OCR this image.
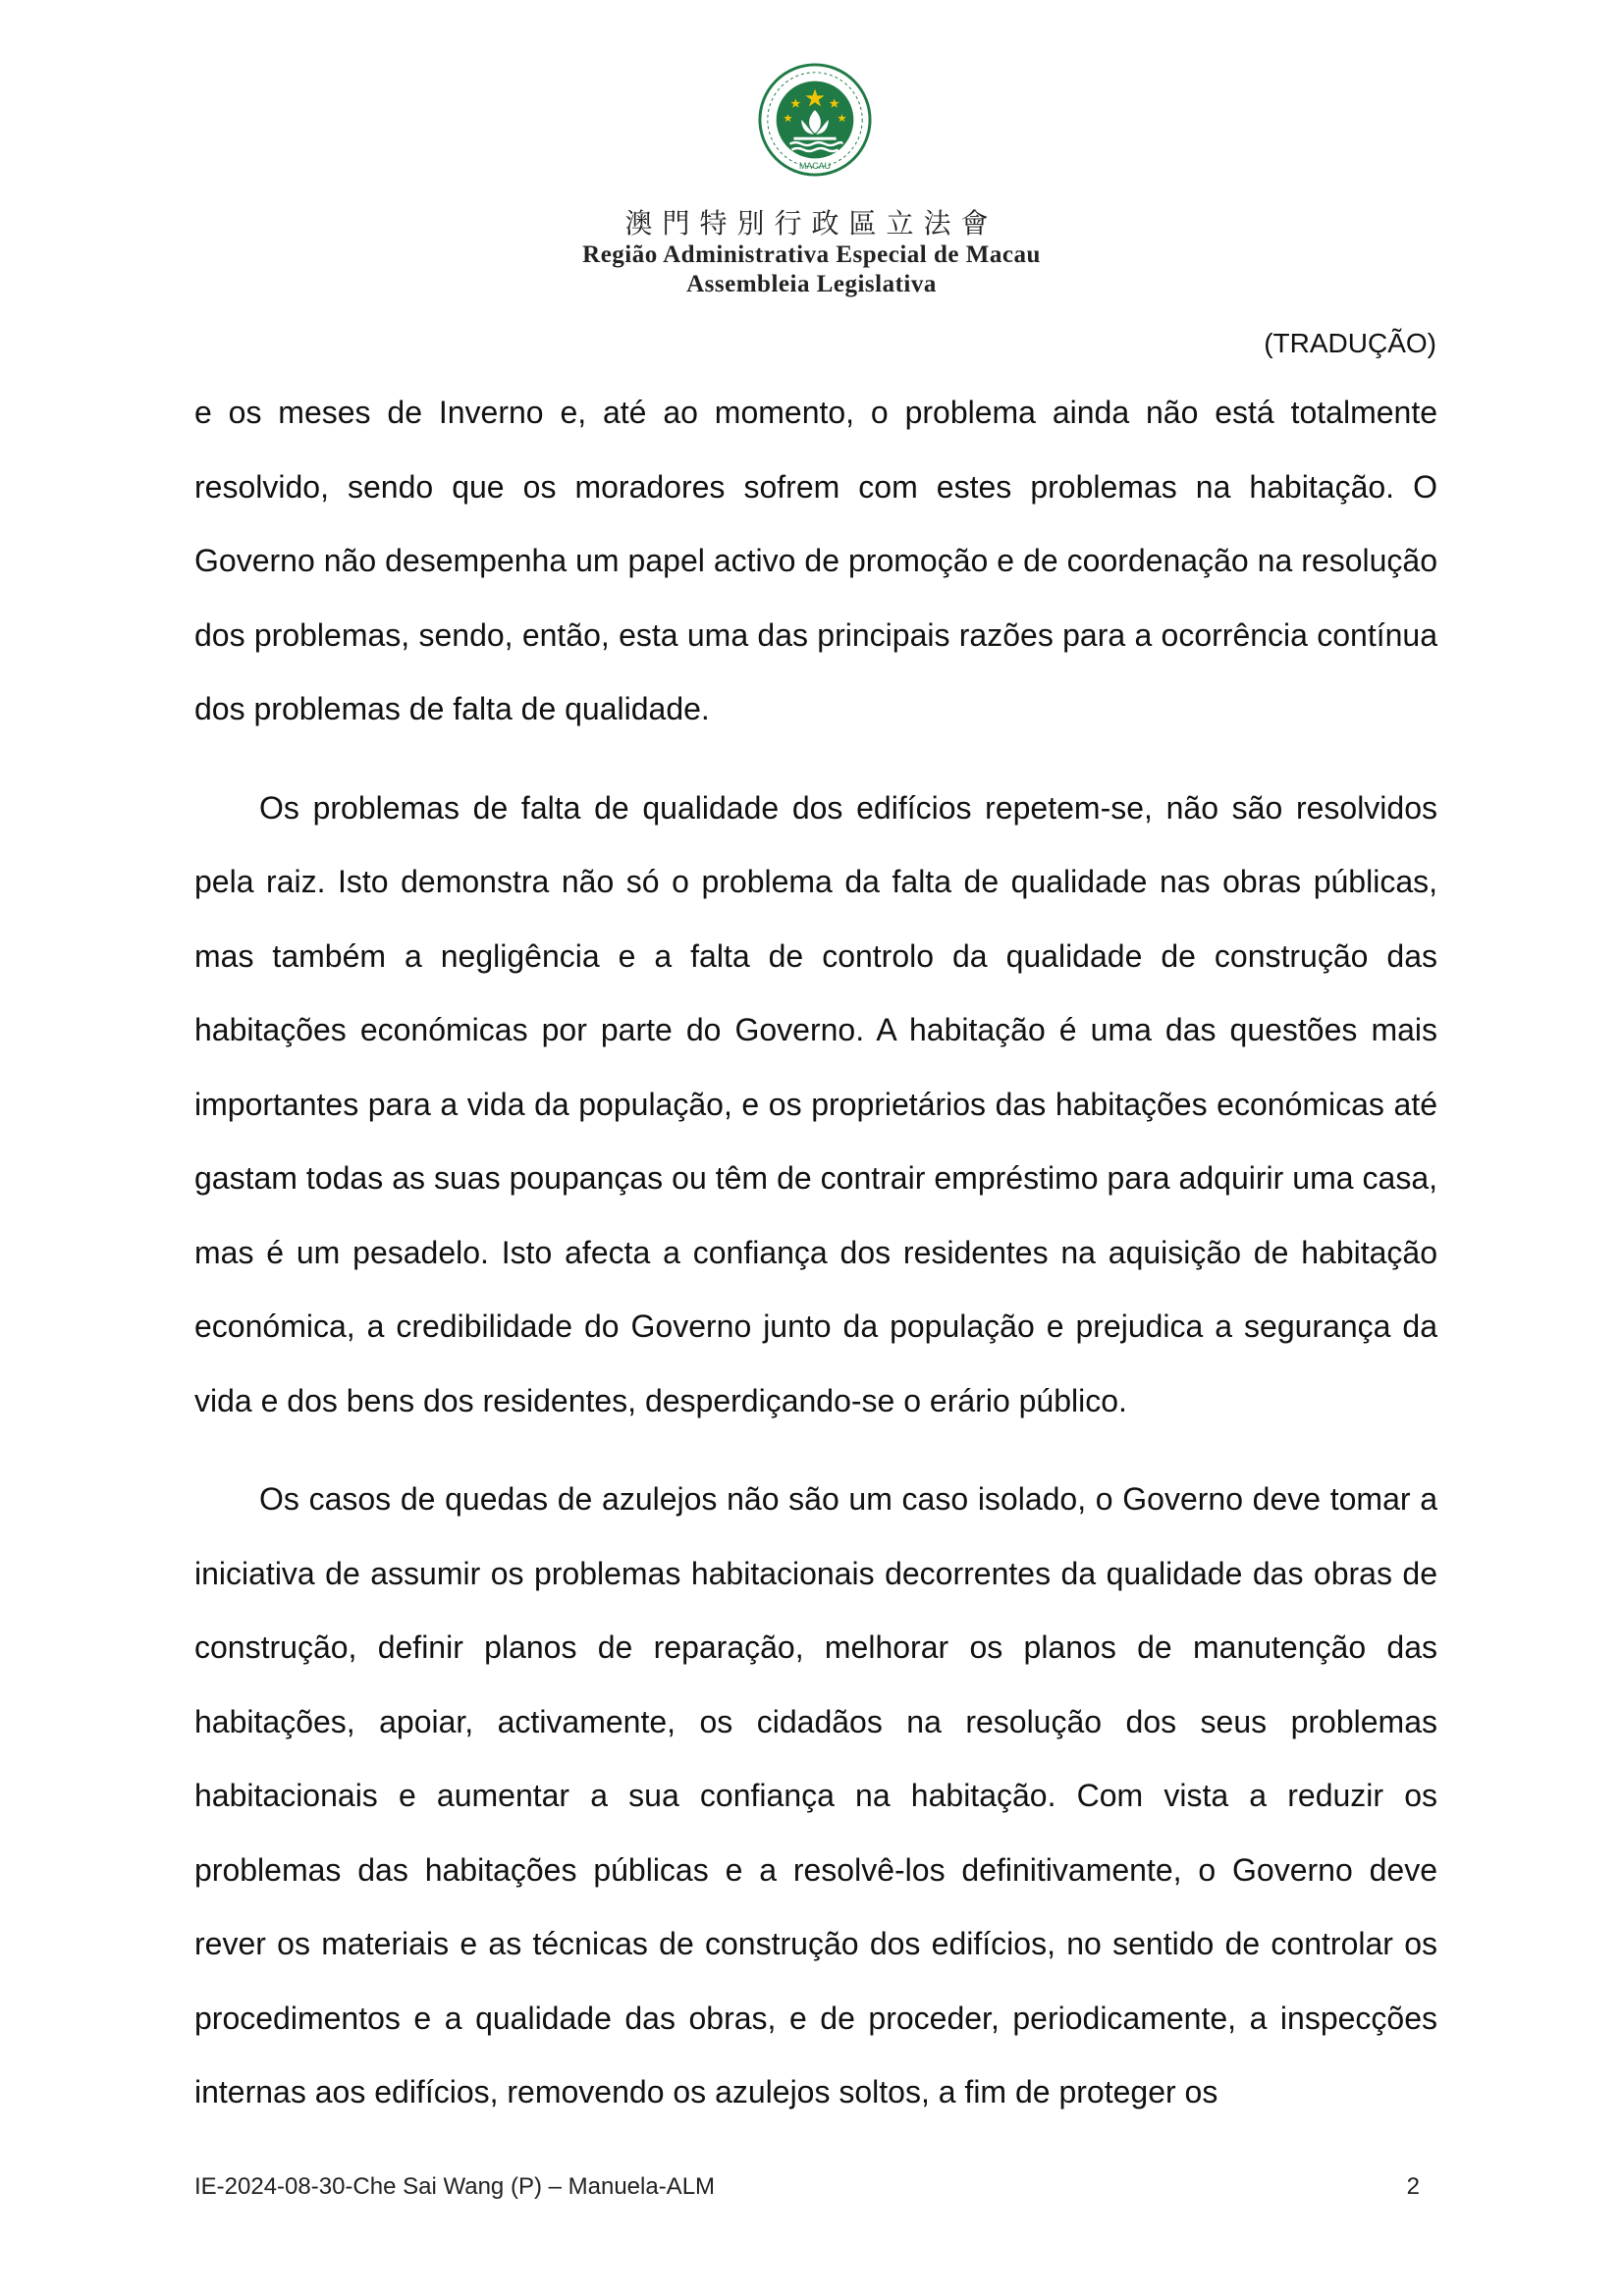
MACAU
澳門特別行政區立法會
Região Administrativa Especial de Macau
Assembleia Legislativa
(TRADUÇÃO)

e os meses de Inverno e, até ao momento, o problema ainda não está totalmente resolvido, sendo que os moradores sofrem com estes problemas na habitação. O Governo não desempenha um papel activo de promoção e de coordenação na resolução dos problemas, sendo, então, esta uma das principais razões para a ocorrência contínua dos problemas de falta de qualidade.

Os problemas de falta de qualidade dos edifícios repetem-se, não são resolvidos pela raiz. Isto demonstra não só o problema da falta de qualidade nas obras públicas, mas também a negligência e a falta de controlo da qualidade de construção das habitações económicas por parte do Governo. A habitação é uma das questões mais importantes para a vida da população, e os proprietários das habitações económicas até gastam todas as suas poupanças ou têm de contrair empréstimo para adquirir uma casa, mas é um pesadelo. Isto afecta a confiança dos residentes na aquisição de habitação económica, a credibilidade do Governo junto da população e prejudica a segurança da vida e dos bens dos residentes, desperdiçando-se o erário público.

Os casos de quedas de azulejos não são um caso isolado, o Governo deve tomar a iniciativa de assumir os problemas habitacionais decorrentes da qualidade das obras de construção, definir planos de reparação, melhorar os planos de manutenção das habitações, apoiar, activamente, os cidadãos na resolução dos seus problemas habitacionais e aumentar a sua confiança na habitação. Com vista a reduzir os problemas das habitações públicas e a resolvê-los definitivamente, o Governo deve rever os materiais e as técnicas de construção dos edifícios, no sentido de controlar os procedimentos e a qualidade das obras, e de proceder, periodicamente, a inspecções internas aos edifícios, removendo os azulejos soltos, a fim de proteger os

IE-2024-08-30-Che Sai Wang (P) – Manuela-ALM	2
